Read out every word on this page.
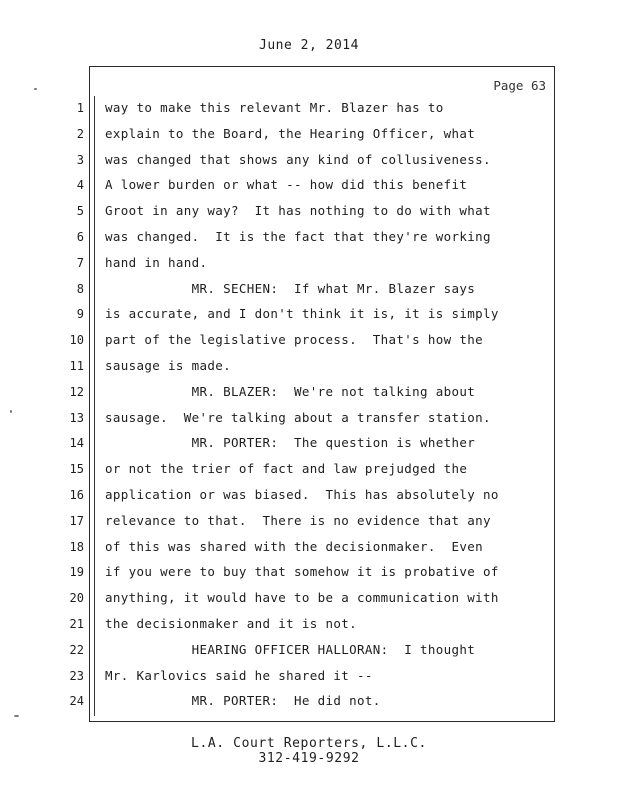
June 2, 2014
Page 63
1 way to make this relevant Mr. Blazer has to
2 explain to the Board, the Hearing Officer, what
3 was changed that shows any kind of collusiveness.
4 A lower burden or what -- how did this benefit
5 Groot in any way?  It has nothing to do with what
6 was changed.  It is the fact that they're working
7 hand in hand.
8 MR. SECHEN:  If what Mr. Blazer says
9 is accurate, and I don't think it is, it is simply
10 part of the legislative process.  That's how the
11 sausage is made.
12 MR. BLAZER:  We're not talking about
13 sausage.  We're talking about a transfer station.
14 MR. PORTER:  The question is whether
15 or not the trier of fact and law prejudged the
16 application or was biased.  This has absolutely no
17 relevance to that.  There is no evidence that any
18 of this was shared with the decisionmaker.  Even
19 if you were to buy that somehow it is probative of
20 anything, it would have to be a communication with
21 the decisionmaker and it is not.
22 HEARING OFFICER HALLORAN:  I thought
23 Mr. Karlovics said he shared it --
24 MR. PORTER:  He did not.
L.A. Court Reporters, L.L.C.
312-419-9292
